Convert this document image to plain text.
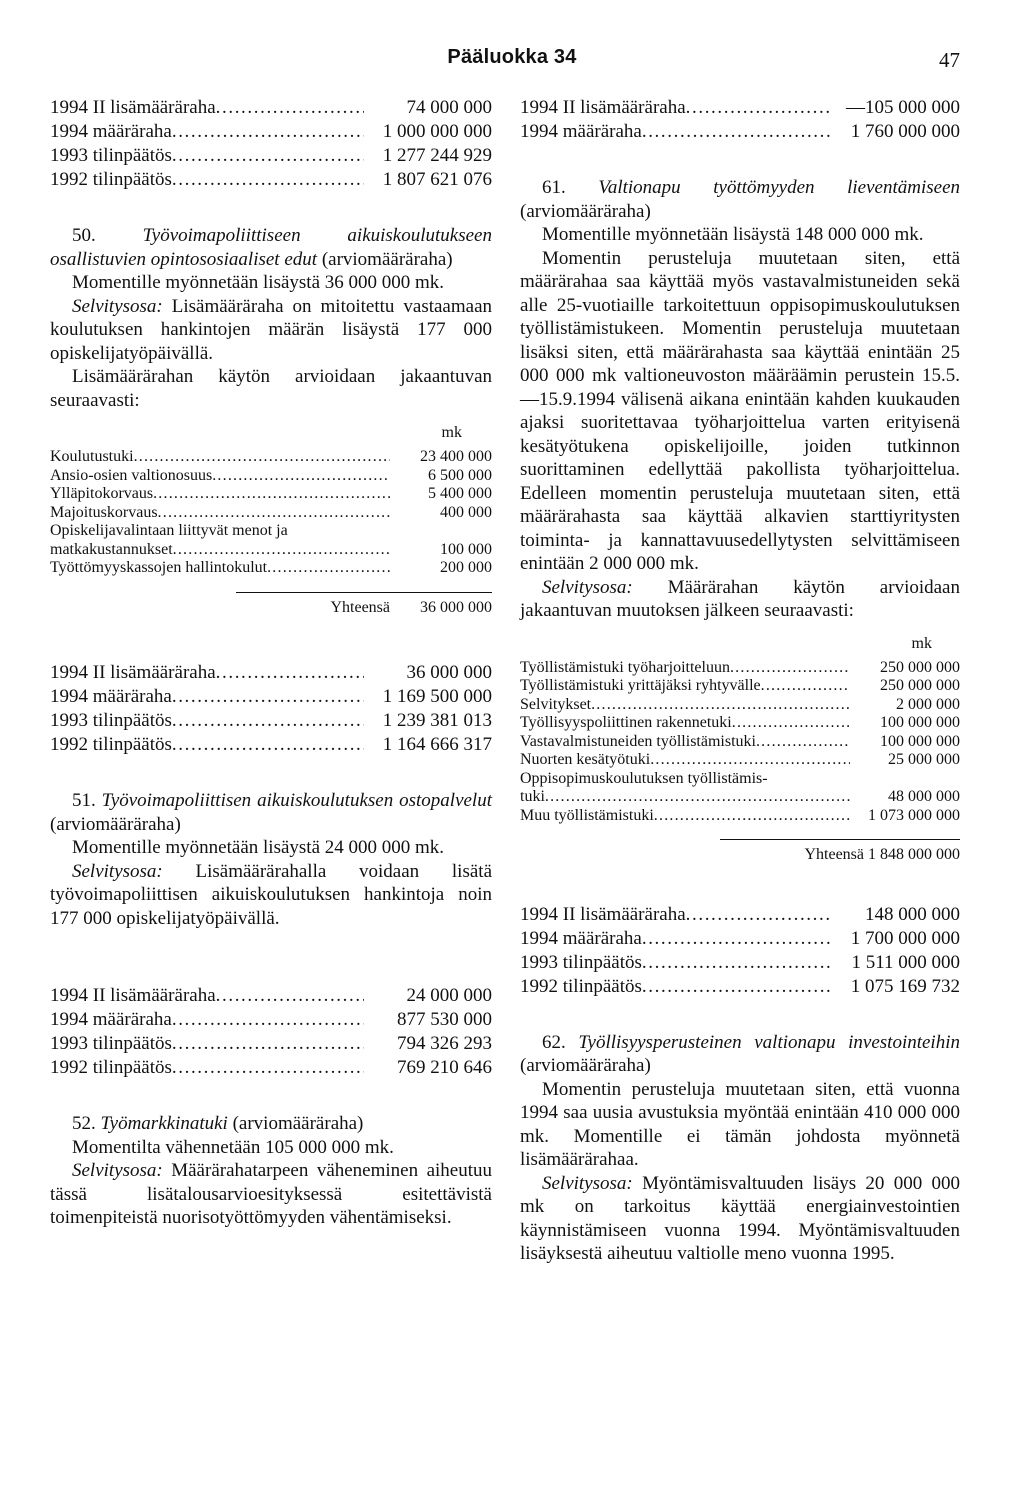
Pääluokka 34	47
1994 II lisämääräraha .....	74 000 000
1994 määräraha .....	1 000 000 000
1993 tilinpäätös .....	1 277 244 929
1992 tilinpäätös .....	1 807 621 076

50. Työvoimapoliittiseen aikuiskoulutukseen osallistuvien opintososiaaliset edut (arviomääräraha)

Momentille myönnetään lisäystä 36 000 000 mk.

Selvitysosa: Lisämääräraha on mitoitettu vastaamaan koulutuksen hankintojen määrän lisäystä 177 000 opiskelijatyöpäivällä.

Lisämäärärahan käytön arvioidaan jakaantuvan seuraavasti:

mk
Koulutustuki .....	23 400 000
Ansio-osien valtionosuus .....	6 500 000
Ylläpitokorvaus .....	5 400 000
Majoituskorvaus .....	400 000
Opiskelijavalintaan liittyvät menot ja
matkakustannukset .....	100 000
Työttömyyskassojen hallintokulut .....	200 000
Yhteensä 36 000 000
1994 II lisämääräraha .....	36 000 000
1994 määräraha .....	1 169 500 000
1993 tilinpäätös .....	1 239 381 013
1992 tilinpäätös .....	1 164 666 317

51. Työvoimapoliittisen aikuiskoulutuksen ostopalvelut (arviomääräraha)

Momentille myönnetään lisäystä 24 000 000 mk.

Selvitysosa: Lisämäärärahalla voidaan lisätä työvoimapoliittisen aikuiskoulutuksen hankintoja noin 177 000 opiskelijatyöpäivällä.

1994 II lisämääräraha .....	24 000 000
1994 määräraha .....	877 530 000
1993 tilinpäätös .....	794 326 293
1992 tilinpäätös .....	769 210 646

52. Työmarkkinatuki (arviomääräraha)

Momentilta vähennetään 105 000 000 mk.

Selvitysosa: Määrärahatarpeen väheneminen aiheutuu tässä lisätalousarvioesityksessä esitettävistä toimenpiteistä nuorisotyöttömyyden vähentämiseksi.

1994 II lisämääräraha .....	—105 000 000
1994 määräraha .....	1 760 000 000

61. Valtionapu työttömyyden lieventämiseen (arviomääräraha)

Momentille myönnetään lisäystä 148 000 000 mk.

Momentin perusteluja muutetaan siten, että määrärahaa saa käyttää myös vastavalmistuneiden sekä alle 25-vuotiaille tarkoitettuun oppisopimuskoulutuksen työllistämistukeen. Momentin perusteluja muutetaan lisäksi siten, että määrärahasta saa käyttää enintään 25 000 000 mk valtioneuvoston määräämin perustein 15.5.—15.9.1994 välisenä aikana enintään kahden kuukauden ajaksi suoritettavaa työharjoittelua varten erityisenä kesätyötukena opiskelijoille, joiden tutkinnon suorittaminen edellyttää pakollista työharjoittelua. Edelleen momentin perusteluja muutetaan siten, että määrärahasta saa käyttää alkavien starttiyritysten toiminta- ja kannattavuusedellytysten selvittämiseen enintään 2 000 000 mk.

Selvitysosa: Määrärahan käytön arvioidaan jakaantuvan muutoksen jälkeen seuraavasti:

mk
Työllistämistuki työharjoitteluun .....	250 000 000
Työllistämistuki yrittäjäksi ryhtyvälle .....	250 000 000
Selvitykset .....	2 000 000
Työllisyyspoliittinen rakennetuki .....	100 000 000
Vastavalmistuneiden työllistämistuki .....	100 000 000
Nuorten kesätyötuki .....	25 000 000
Oppisopimuskoulutuksen työllistämis-
tuki .....	48 000 000
Muu työllistämistuki .....	1 073 000 000
Yhteensä 1 848 000 000
1994 II lisämääräraha .....	148 000 000
1994 määräraha .....	1 700 000 000
1993 tilinpäätös .....	1 511 000 000
1992 tilinpäätös .....	1 075 169 732

62. Työllisyysperusteinen valtionapu investointeihin (arviomääräraha)

Momentin perusteluja muutetaan siten, että vuonna 1994 saa uusia avustuksia myöntää enintään 410 000 000 mk. Momentille ei tämän johdosta myönnetä lisämäärärahaa.

Selvitysosa: Myöntämisvaltuuden lisäys 20 000 000 mk on tarkoitus käyttää energiainvestointien käynnistämiseen vuonna 1994. Myöntämisvaltuuden lisäyksestä aiheutuu valtiolle meno vuonna 1995.
